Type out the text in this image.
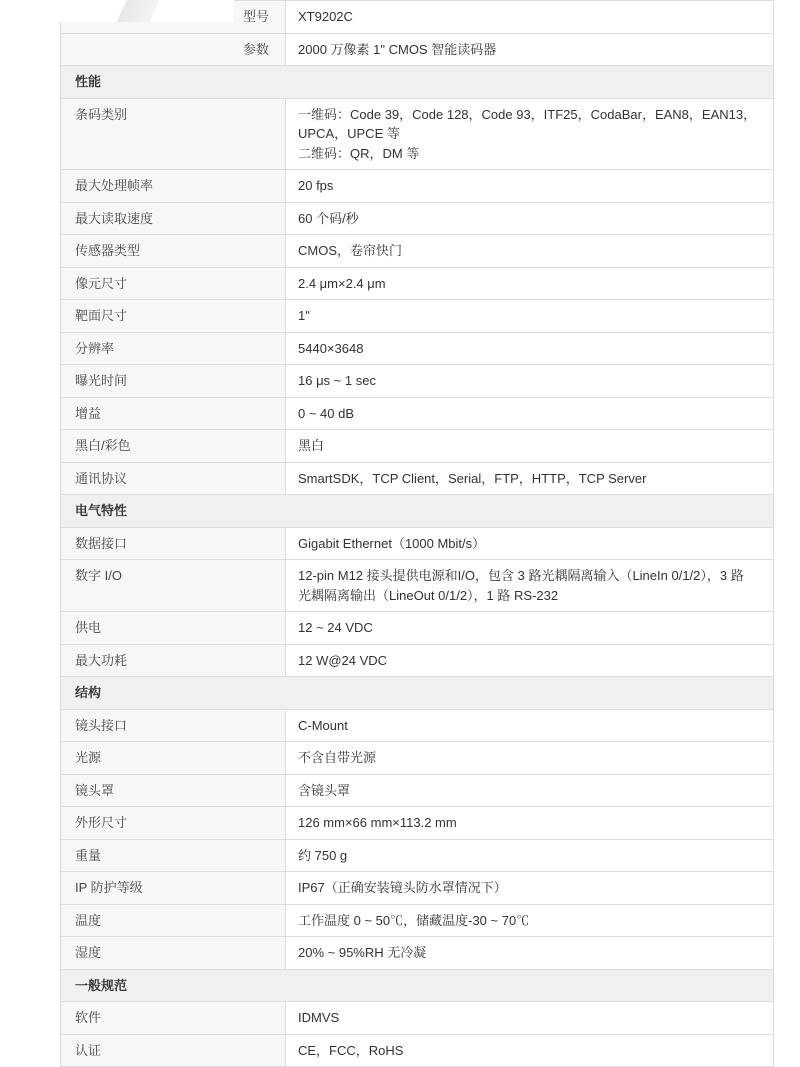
型号	XT9202C
参数	2000 万像素 1" CMOS 智能读码器
性能	
条码类别	一维码：Code 39，Code 128，Code 93，ITF25，CodaBar，EAN8，EAN13，UPCA，UPCE 等
二维码：QR，DM 等

最大处理帧率	20 fps
最大读取速度	60 个码/秒
传感器类型	CMOS，卷帘快门
像元尺寸	2.4 μm×2.4 μm
靶面尺寸	1"
分辨率	5440×3648
曝光时间	16 μs ~ 1 sec
增益	0 ~ 40 dB
黑白/彩色	黑白
通讯协议	SmartSDK，TCP Client，Serial，FTP，HTTP，TCP Server
电气特性	
数据接口	Gigabit Ethernet（1000 Mbit/s）
数字 I/O	12-pin M12 接头提供电源和I/O，包含 3 路光耦隔离输入（LineIn 0/1/2），3 路
光耦隔离输出（LineOut 0/1/2），1 路 RS-232

供电	12 ~ 24 VDC
最大功耗	12 W@24 VDC
结构	
镜头接口	C-Mount
光源	不含自带光源
镜头罩	含镜头罩
外形尺寸	126 mm×66 mm×113.2 mm
重量	约 750 g
IP 防护等级	IP67（正确安装镜头防水罩情况下）
温度	工作温度 0 ~ 50℃，储藏温度-30 ~ 70℃
湿度	20% ~ 95%RH 无冷凝
一般规范	
软件	IDMVS
认证	CE，FCC，RoHS
